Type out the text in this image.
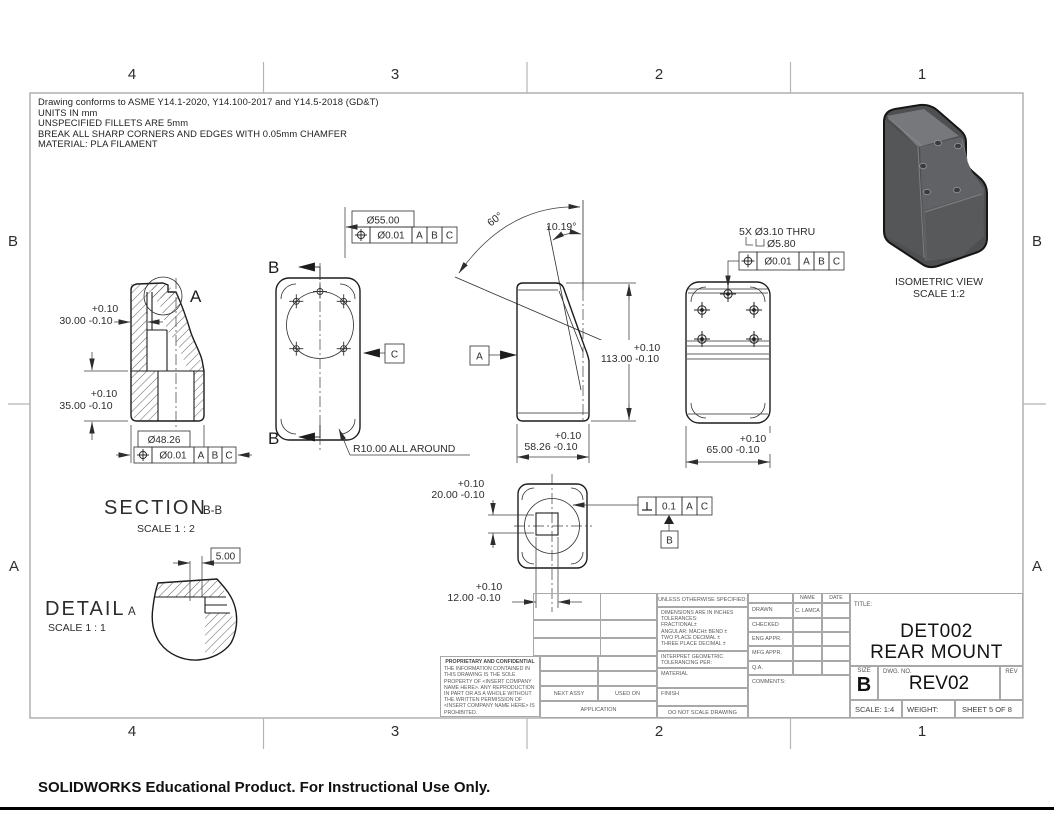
4	3	2	1
4	3	2	1
B
A
B
A
Drawing conforms to ASME Y14.1-2020, Y14.100-2017 and Y14.5-2018 (GD&T)
UNITS IN mm
UNSPECIFIED FILLETS ARE 5mm
BREAK ALL SHARP CORNERS AND EDGES WITH 0.05mm CHAMFER
MATERIAL: PLA FILAMENT
A
+0.10
30.00 -0.10
+0.10
35.00 -0.10
Ø48.26
Ø0.01 A B C
B
B
C
R10.00 ALL AROUND
Ø55.00
Ø0.01 A B C
60°	10.19°
+0.10
113.00 -0.10
+0.10
58.26 -0.10
A
+0.10
65.00 -0.10
5X Ø3.10 THRU
Ø5.80
Ø0.01 A B C
+0.10
20.00 -0.10
+0.10
12.00 -0.10
0.1 A C
B
5.00
SECTION
B-B
SCALE 1 : 2
DETAIL A
SCALE 1 : 1
ISOMETRIC VIEW
SCALE 1:2
PROPRIETARY AND CONFIDENTIAL
THE INFORMATION CONTAINED IN THIS DRAWING IS THE SOLE PROPERTY OF <INSERT COMPANY NAME HERE>. ANY REPRODUCTION IN PART OR AS A WHOLE WITHOUT THE WRITTEN PERMISSION OF <INSERT COMPANY NAME HERE> IS PROHIBITED.
NEXT ASSY	USED ON
APPLICATION
UNLESS OTHERWISE SPECIFIED:
DIMENSIONS ARE IN INCHES
TOLERANCES:
FRACTIONAL±
ANGULAR: MACH± BEND ±
TWO PLACE DECIMAL ±
THREE PLACE DECIMAL ±
INTERPRET GEOMETRIC
TOLERANCING PER:
MATERIAL
FINISH
DO NOT SCALE DRAWING
NAME	DATE
DRAWN	C. LAMCA
CHECKED
ENG APPR.
MFG APPR.
Q.A.
COMMENTS:
TITLE:
DET002
REAR MOUNT
SIZE
B
DWG. NO.
REV02
REV
SCALE: 1:4	WEIGHT:	SHEET 5 OF 8
SOLIDWORKS Educational Product. For Instructional Use Only.
